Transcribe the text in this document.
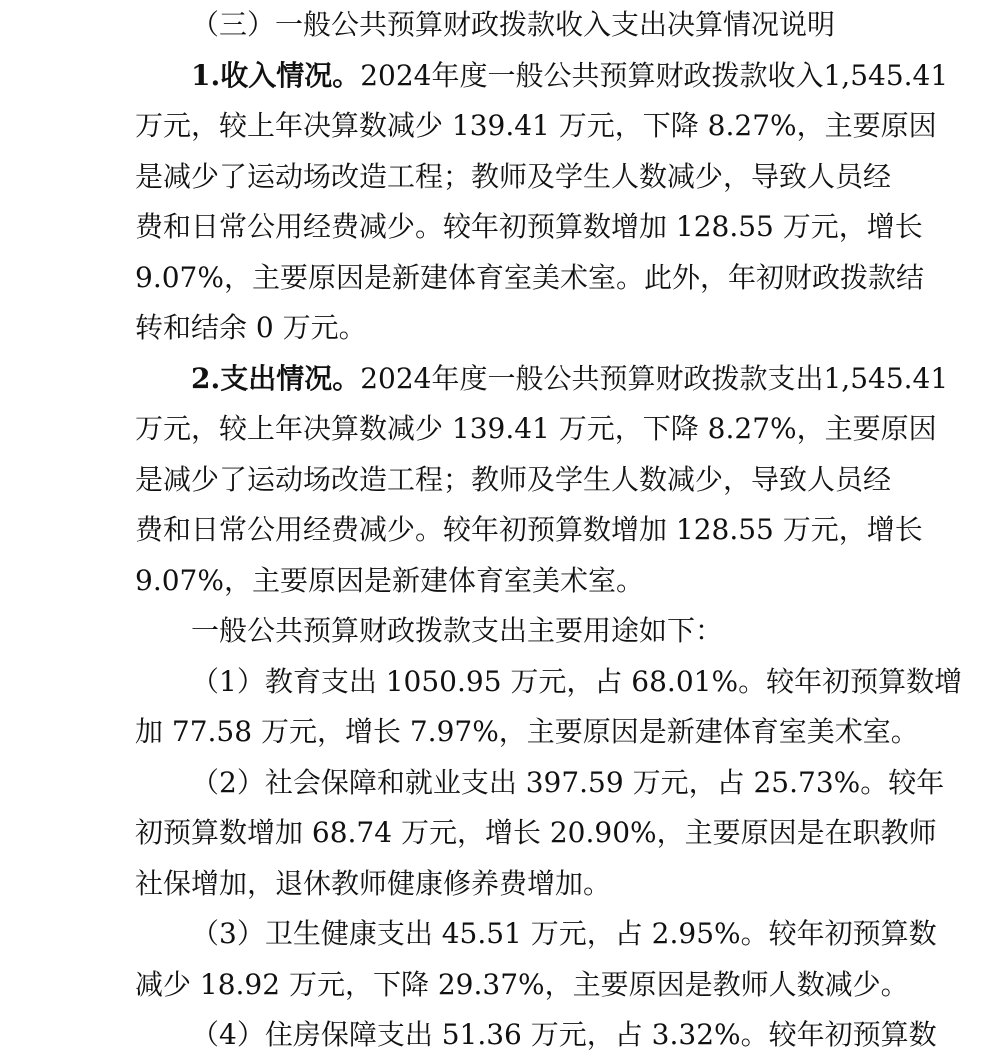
（三）一般公共预算财政拨款收入支出决算情况说明
1.收入情况。2024年度一般公共预算财政拨款收入1,545.41
万元，较上年决算数减少 139.41 万元，下降 8.27%，主要原因
是减少了运动场改造工程；教师及学生人数减少，导致人员经
费和日常公用经费减少。较年初预算数增加 128.55 万元，增长
9.07%，主要原因是新建体育室美术室。此外，年初财政拨款结
转和结余 0 万元。
2.支出情况。2024年度一般公共预算财政拨款支出1,545.41
万元，较上年决算数减少 139.41 万元，下降 8.27%，主要原因
是减少了运动场改造工程；教师及学生人数减少，导致人员经
费和日常公用经费减少。较年初预算数增加 128.55 万元，增长
9.07%，主要原因是新建体育室美术室。
一般公共预算财政拨款支出主要用途如下：
（1）教育支出 1050.95 万元，占 68.01%。较年初预算数增
加 77.58 万元，增长 7.97%，主要原因是新建体育室美术室。
（2）社会保障和就业支出 397.59 万元，占 25.73%。较年
初预算数增加 68.74 万元，增长 20.90%，主要原因是在职教师
社保增加，退休教师健康修养费增加。
（3）卫生健康支出 45.51 万元，占 2.95%。较年初预算数
减少 18.92 万元，下降 29.37%，主要原因是教师人数减少。
（4）住房保障支出 51.36 万元，占 3.32%。较年初预算数
